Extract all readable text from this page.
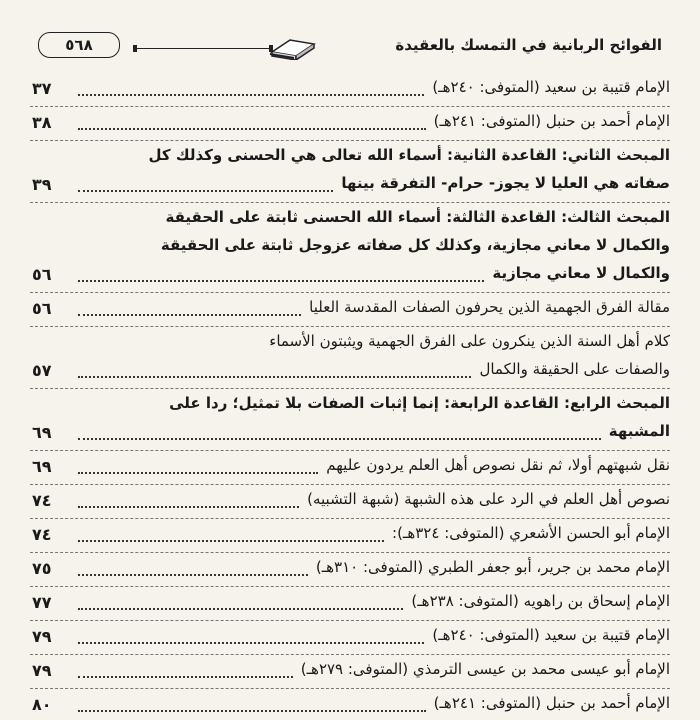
٥٦٨	الفوائح الربانية في التمسك بالعقيدة
الإمام قتيبة بن سعيد (المتوفى: ٢٤٠هـ)
٣٧
الإمام أحمد بن حنبل (المتوفى: ٢٤١هـ)
٣٨
المبحث الثاني: القاعدة الثانية: أسماء الله تعالى هي الحسنى وكذلك كل
صفاته هي العليا لا يجوز- حرام- التفرقة بينها
٣٩
المبحث الثالث: القاعدة الثالثة: أسماء الله الحسنى ثابتة على الحقيقة
والكمال لا معاني مجازية، وكذلك كل صفاته عزوجل ثابتة على الحقيقة
والكمال لا معاني مجازية
٥٦
مقالة الفرق الجهمية الذين يحرفون الصفات المقدسة العليا
٥٦
كلام أهل السنة الذين ينكرون على الفرق الجهمية ويثبتون الأسماء
والصفات على الحقيقة والكمال
٥٧
المبحث الرابع: القاعدة الرابعة: إنما إثبات الصفات بلا تمثيل؛ ردا على
المشبهة
٦٩
نقل شبهتهم أولا، ثم نقل نصوص أهل العلم يردون عليهم
٦٩
نصوص أهل العلم في الرد على هذه الشبهة (شبهة التشبيه)
٧٤
الإمام أبو الحسن الأشعري (المتوفى: ٣٢٤هـ):
٧٤
الإمام محمد بن جرير، أبو جعفر الطبري (المتوفى: ٣١٠هـ)
٧٥
الإمام إسحاق بن راهويه (المتوفى: ٢٣٨هـ)
٧٧
الإمام قتيبة بن سعيد (المتوفى: ٢٤٠هـ)
٧٩
الإمام أبو عيسى محمد بن عيسى الترمذي (المتوفى: ٢٧٩هـ)
٧٩
الإمام أحمد بن حنبل (المتوفى: ٢٤١هـ)
٨٠
